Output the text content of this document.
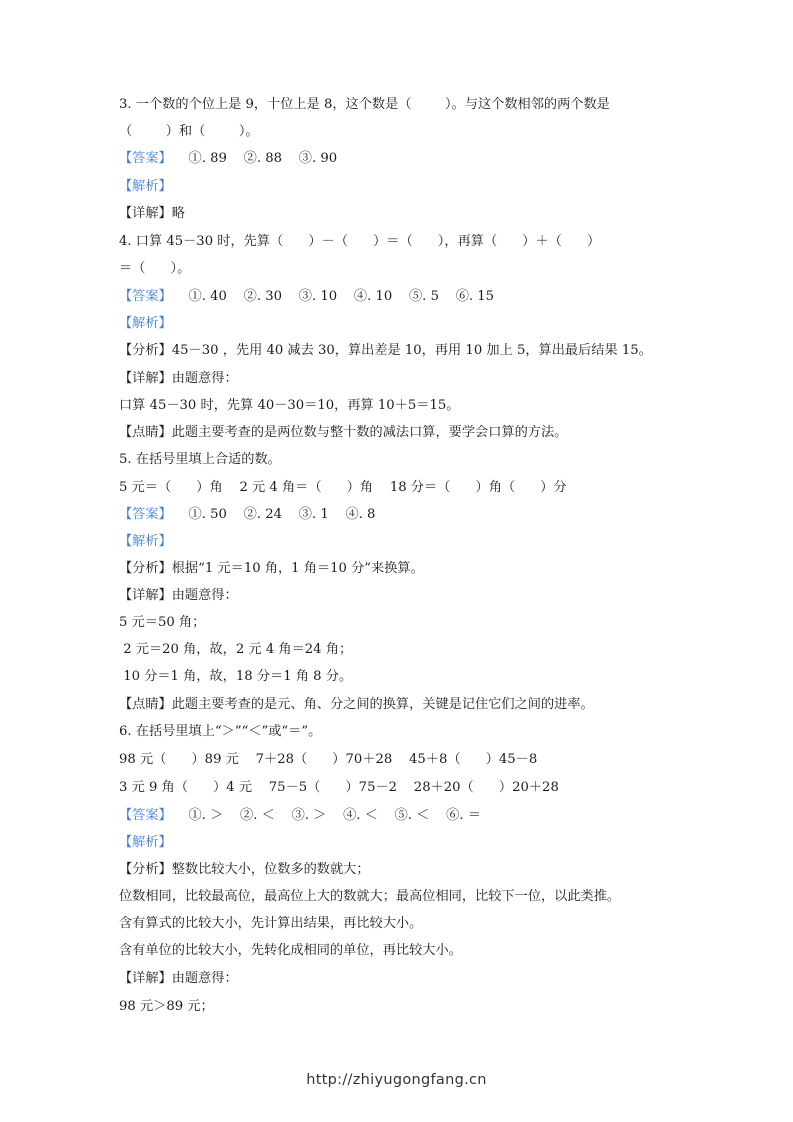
3. 一个数的个位上是 9，十位上是 8，这个数是（        ）。与这个数相邻的两个数是
（        ）和（        ）。
【答案】    ①. 89    ②. 88    ③. 90
【解析】
【详解】略
4. 口算 45－30 时，先算（      ）－（      ）＝（      ），再算（      ）＋（      ）
＝（      ）。
【答案】    ①. 40    ②. 30    ③. 10    ④. 10    ⑤. 5    ⑥. 15
【解析】
【分析】45－30 ，先用 40 减去 30，算出差是 10，再用 10 加上 5，算出最后结果 15。
【详解】由题意得：
口算 45－30 时，先算 40－30＝10，再算 10＋5＝15。
【点睛】此题主要考查的是两位数与整十数的减法口算，要学会口算的方法。
5. 在括号里填上合适的数。
5 元＝（      ）角    2 元 4 角＝（      ）角    18 分＝（      ）角（      ）分
【答案】    ①. 50    ②. 24    ③. 1    ④. 8
【解析】
【分析】根据“1 元＝10 角，1 角＝10 分”来换算。
【详解】由题意得：
5 元＝50 角；
2 元＝20 角，故，2 元 4 角＝24 角；
10 分＝1 角，故，18 分＝1 角 8 分。
【点睛】此题主要考查的是元、角、分之间的换算，关键是记住它们之间的进率。
6. 在括号里填上“＞”“＜”或“＝”。
98 元（      ）89 元    7＋28（      ）70＋28    45＋8（      ）45－8
3 元 9 角（      ）4 元    75－5（      ）75－2    28＋20（      ）20＋28
【答案】    ①. ＞    ②. ＜    ③. ＞    ④. ＜    ⑤. ＜    ⑥. ＝
【解析】
【分析】整数比较大小，位数多的数就大；
位数相同，比较最高位，最高位上大的数就大；最高位相同，比较下一位，以此类推。
含有算式的比较大小，先计算出结果，再比较大小。
含有单位的比较大小，先转化成相同的单位，再比较大小。
【详解】由题意得：
98 元＞89 元；
http://zhiyugongfang.cn
